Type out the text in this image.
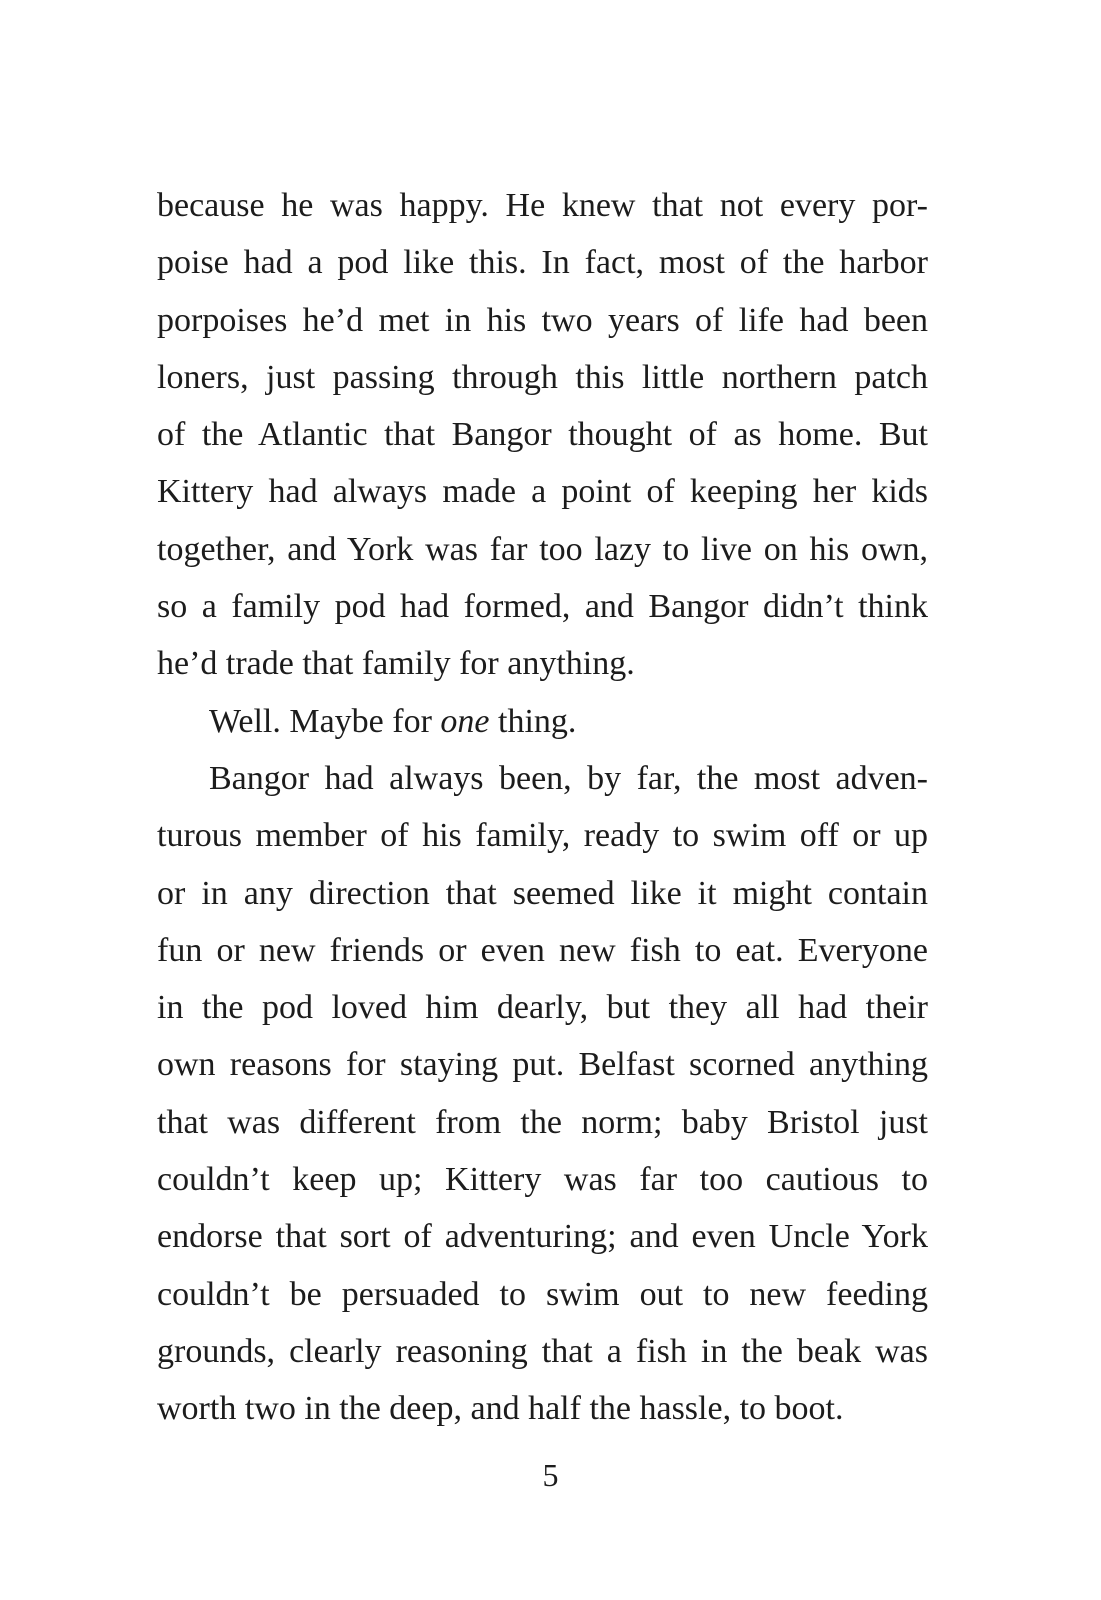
because he was happy. He knew that not every por-
poise had a pod like this. In fact, most of the harbor
porpoises he’d met in his two years of life had been
loners, just passing through this little northern patch
of the Atlantic that Bangor thought of as home. But
Kittery had always made a point of keeping her kids
together, and York was far too lazy to live on his own,
so a family pod had formed, and Bangor didn’t think
he’d trade that family for anything.
Well. Maybe for one thing.
Bangor had always been, by far, the most adven-
turous member of his family, ready to swim off or up
or in any direction that seemed like it might contain
fun or new friends or even new fish to eat. Everyone
in the pod loved him dearly, but they all had their
own reasons for staying put. Belfast scorned anything
that was different from the norm; baby Bristol just
couldn’t keep up; Kittery was far too cautious to
endorse that sort of adventuring; and even Uncle York
couldn’t be persuaded to swim out to new feeding
grounds, clearly reasoning that a fish in the beak was
worth two in the deep, and half the hassle, to boot.
5
